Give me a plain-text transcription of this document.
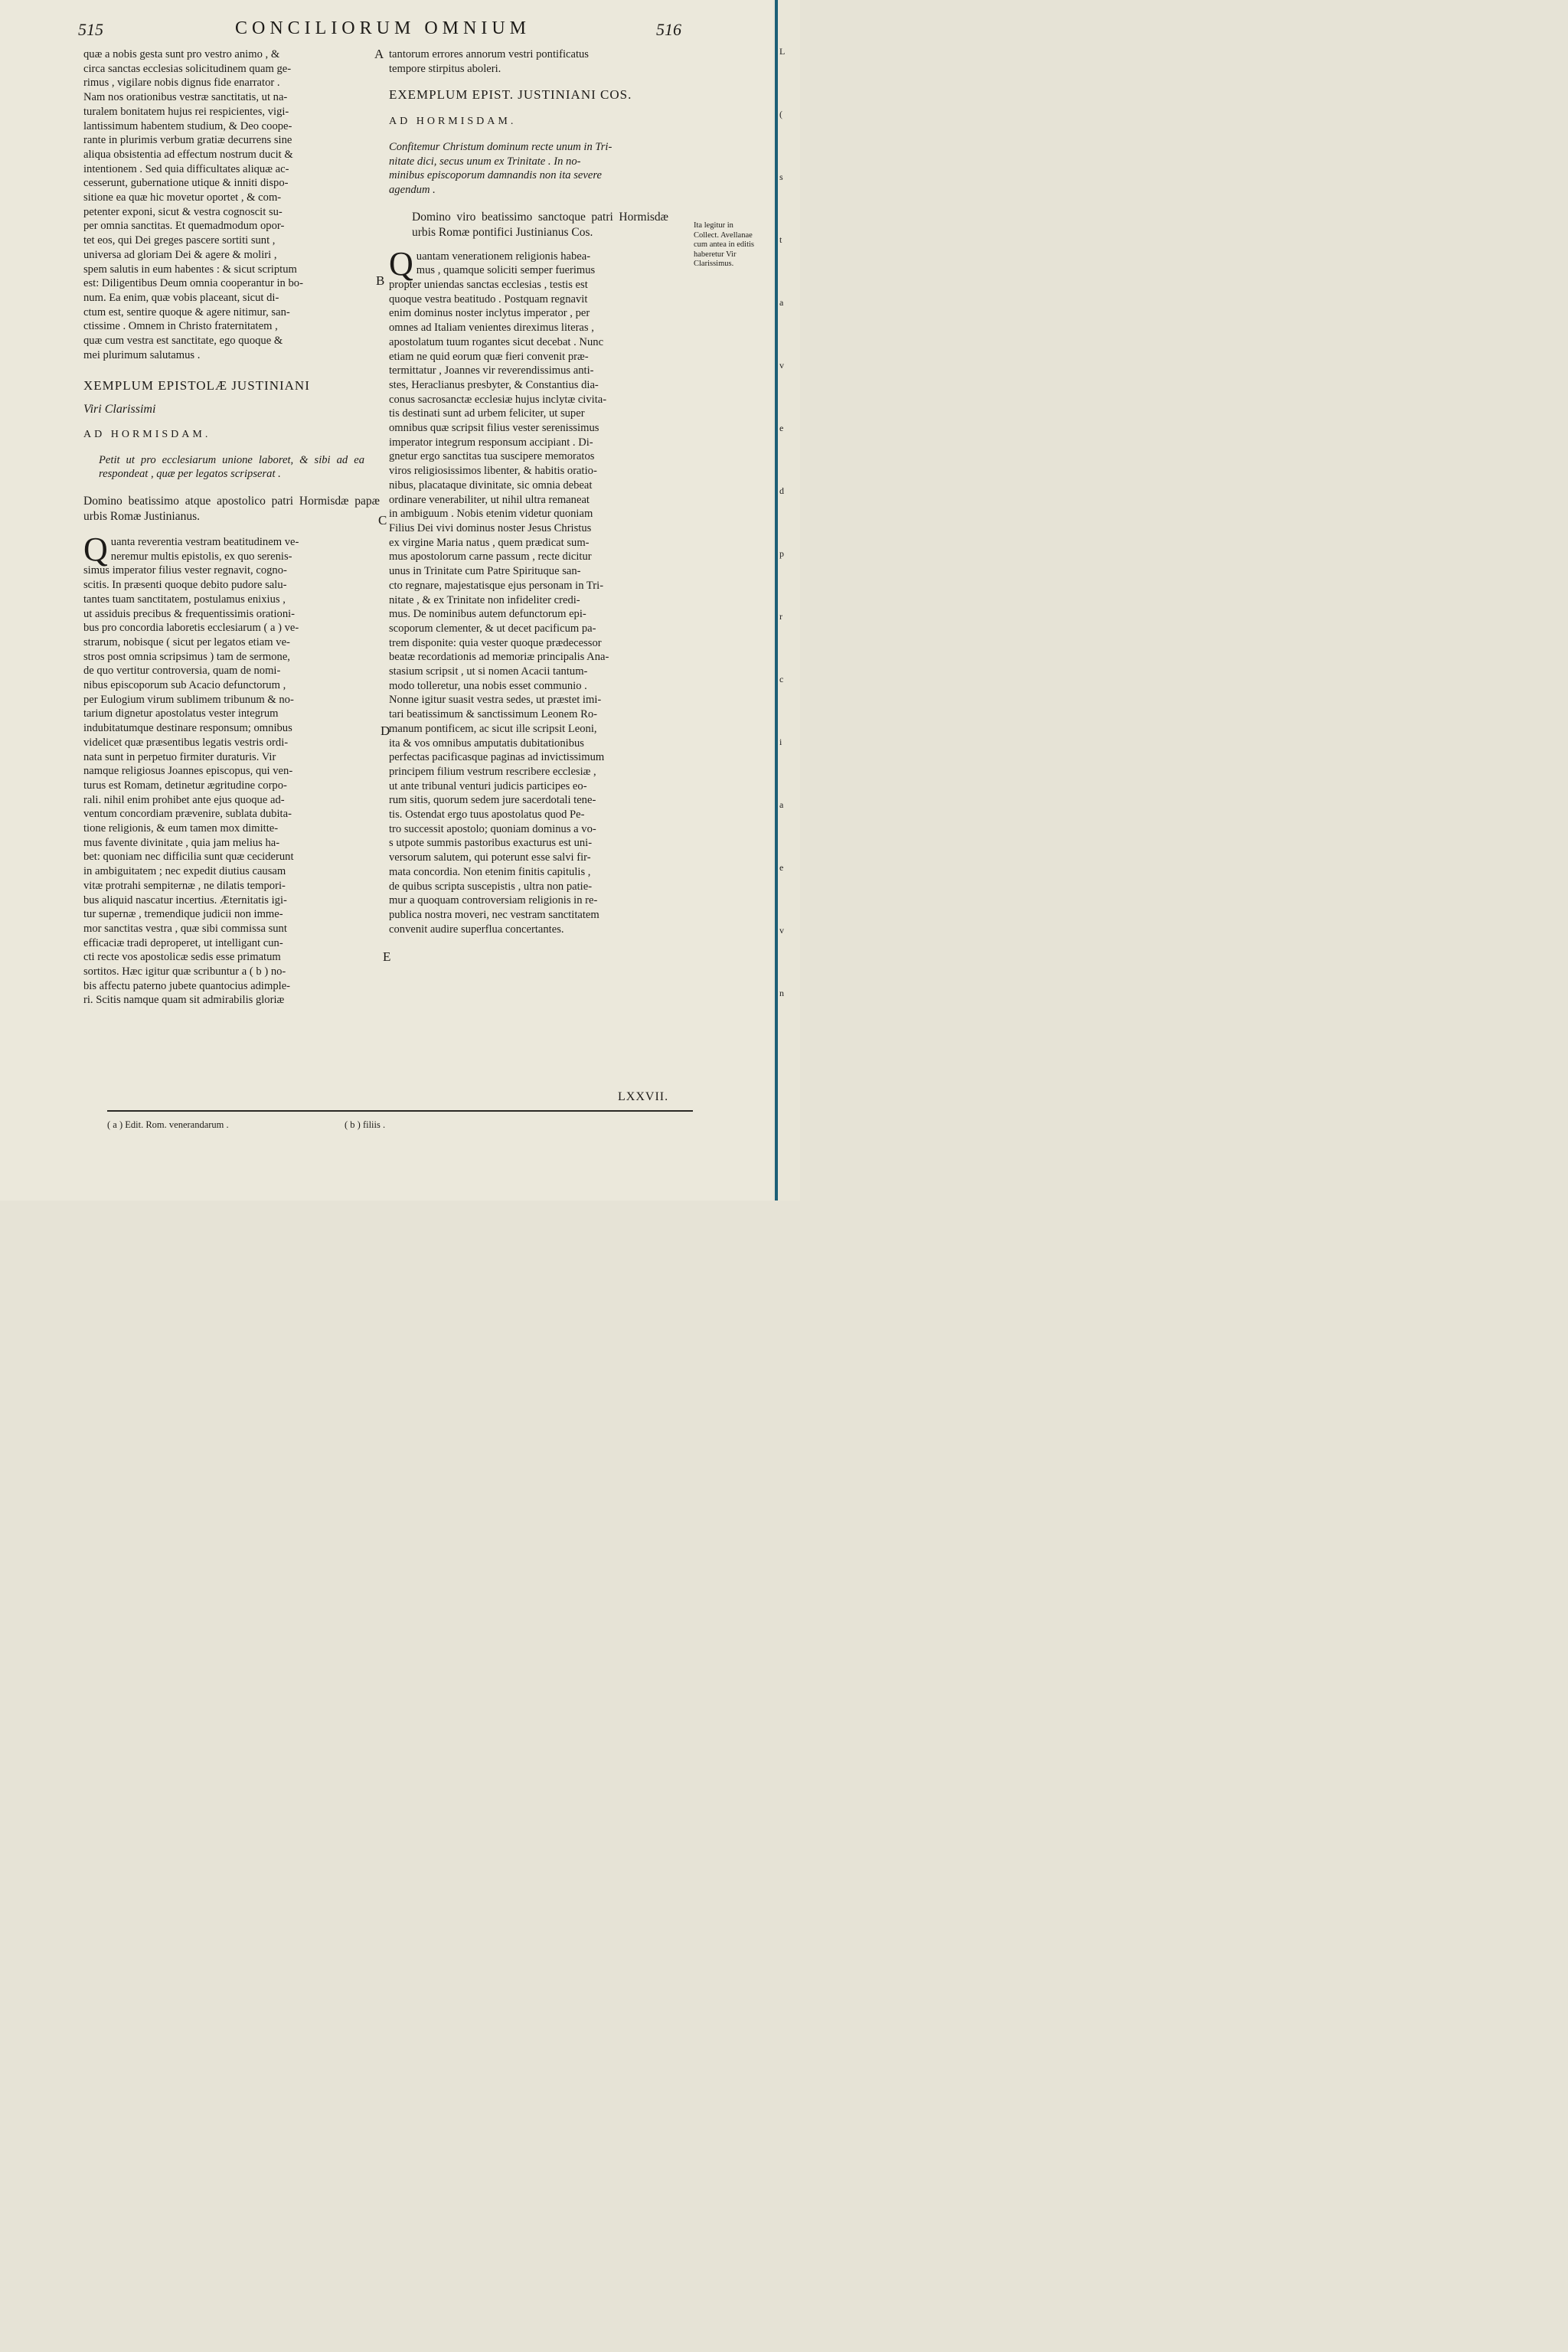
515	CONCILIORUM OMNIUM	516
quæ a nobis gesta sunt pro vestro animo , &
circa sanctas ecclesias solicitudinem quam ge-
rimus , vigilare nobis dignus fide enarrator .
Nam nos orationibus vestræ sanctitatis, ut na-
turalem bonitatem hujus rei respicientes, vigi-
lantissimum habentem studium, & Deo coope-
rante in plurimis verbum gratiæ decurrens sine
aliqua obsistentia ad effectum nostrum ducit &
intentionem . Sed quia difficultates aliquæ ac-
cesserunt, gubernatione utique & inniti dispo-
sitione ea quæ hic movetur oportet , & com-
petenter exponi, sicut & vestra cognoscit su-
per omnia sanctitas. Et quemadmodum opor-
tet eos, qui Dei greges pascere sortiti sunt ,
universa ad gloriam Dei & agere & moliri ,
spem salutis in eum habentes : & sicut scriptum
est: Diligentibus Deum omnia cooperantur in bo-
num. Ea enim, quæ vobis placeant, sicut di-
ctum est, sentire quoque & agere nitimur, san-
ctissime . Omnem in Christo fraternitatem ,
quæ cum vestra est sanctitate, ego quoque &
mei plurimum salutamus .

XEMPLUM EPISTOLÆ JUSTINIANI

Viri Clarissimi

AD HORMISDAM.

Petit ut pro ecclesiarum unione laboret, & sibi ad ea respondeat , quæ per legatos scripserat .

Domino beatissimo atque apostolico patri Hormisdæ papæ urbis Romæ Justinianus.

Q uanta reverentia vestram beatitudinem ve-
neremur multis epistolis, ex quo serenis-
simus imperator filius vester regnavit, cogno-
scitis. In præsenti quoque debito pudore salu-
tantes tuam sanctitatem, postulamus enixius ,
ut assiduis precibus & frequentissimis orationi-
bus pro concordia laboretis ecclesiarum ( a ) ve-
strarum, nobisque ( sicut per legatos etiam ve-
stros post omnia scripsimus ) tam de sermone,
de quo vertitur controversia, quam de nomi-
nibus episcoporum sub Acacio defunctorum ,
per Eulogium virum sublimem tribunum & no-
tarium dignetur apostolatus vester integrum
indubitatumque destinare responsum; omnibus
videlicet quæ præsentibus legatis vestris ordi-
nata sunt in perpetuo firmiter duraturis. Vir
namque religiosus Joannes episcopus, qui ven-
turus est Romam, detinetur ægritudine corpo-
rali. nihil enim prohibet ante ejus quoque ad-
ventum concordiam prævenire, sublata dubita-
tione religionis, & eum tamen mox dimitte-
mus favente divinitate , quia jam melius ha-
bet: quoniam nec difficilia sunt quæ ceciderunt
in ambiguitatem ; nec expedit diutius causam
vitæ protrahi sempiternæ , ne dilatis tempori-
bus aliquid nascatur incertius. Æternitatis igi-
tur supernæ , tremendique judicii non imme-
mor sanctitas vestra , quæ sibi commissa sunt
efficaciæ tradi deproperet, ut intelligant cun-
cti recte vos apostolicæ sedis esse primatum
sortitos. Hæc igitur quæ scribuntur a ( b ) no-
bis affectu paterno jubete quantocius adimple-
ri. Scitis namque quam sit admirabilis gloriæ
tantorum errores annorum vestri pontificatus
tempore stirpitus aboleri.

EXEMPLUM EPIST. JUSTINIANI COS.

AD HORMISDAM.

Confitemur Christum dominum recte unum in Tri-
nitate dici, secus unum ex Trinitate . In no-
minibus episcoporum damnandis non ita severe
agendum .

Domino viro beatissimo sanctoque patri Hormisdæ urbis Romæ pontifici Justinianus Cos.

Q uantam venerationem religionis habea-
mus , quamque soliciti semper fuerimus
propter uniendas sanctas ecclesias , testis est
quoque vestra beatitudo . Postquam regnavit
enim dominus noster inclytus imperator , per
omnes ad Italiam venientes direximus literas ,
apostolatum tuum rogantes sicut decebat . Nunc
etiam ne quid eorum quæ fieri convenit præ-
termittatur , Joannes vir reverendissimus anti-
stes, Heraclianus presbyter, & Constantius dia-
conus sacrosanctæ ecclesiæ hujus inclytæ civita-
tis destinati sunt ad urbem feliciter, ut super
omnibus quæ scripsit filius vester serenissimus
imperator integrum responsum accipiant . Di-
gnetur ergo sanctitas tua suscipere memoratos
viros religiosissimos libenter, & habitis oratio-
nibus, placataque divinitate, sic omnia debeat
ordinare venerabiliter, ut nihil ultra remaneat
in ambiguum . Nobis etenim videtur quoniam
Filius Dei vivi dominus noster Jesus Christus
ex virgine Maria natus , quem prædicat sum-
mus apostolorum carne passum , recte dicitur
unus in Trinitate cum Patre Spirituque san-
cto regnare, majestatisque ejus personam in Tri-
nitate , & ex Trinitate non infideliter credi-
mus. De nominibus autem defunctorum epi-
scoporum clementer, & ut decet pacificum pa-
trem disponite: quia vester quoque prædecessor
beatæ recordationis ad memoriæ principalis Ana-
stasium scripsit , ut si nomen Acacii tantum-
modo tolleretur, una nobis esset communio .
Nonne igitur suasit vestra sedes, ut præstet imi-
tari beatissimum & sanctissimum Leonem Ro-
manum pontificem, ac sicut ille scripsit Leoni,
ita & vos omnibus amputatis dubitationibus
perfectas pacificasque paginas ad invictissimum
principem filium vestrum rescribere ecclesiæ ,
ut ante tribunal venturi judicis participes eo-
rum sitis, quorum sedem jure sacerdotali tene-
tis. Ostendat ergo tuus apostolatus quod Pe-
tro successit apostolo; quoniam dominus a vo-
s utpote summis pastoribus exacturus est uni-
versorum salutem, qui poterunt esse salvi fir-
mata concordia. Non etenim finitis capitulis ,
de quibus scripta suscepistis , ultra non patie-
mur a quoquam controversiam religionis in re-
publica nostra moveri, nec vestram sanctitatem
convenit audire superflua concertantes.
A
B
C
D
E
Ita legitur in Collect. Avellanae cum antea in editis haberetur Vir Clarissimus.
LXXVII.
( a ) Edit. Rom. venerandarum .	( b ) filiis .
L
(
s
t
a
v
e
d
p
r
c
i
a
e
v
n
